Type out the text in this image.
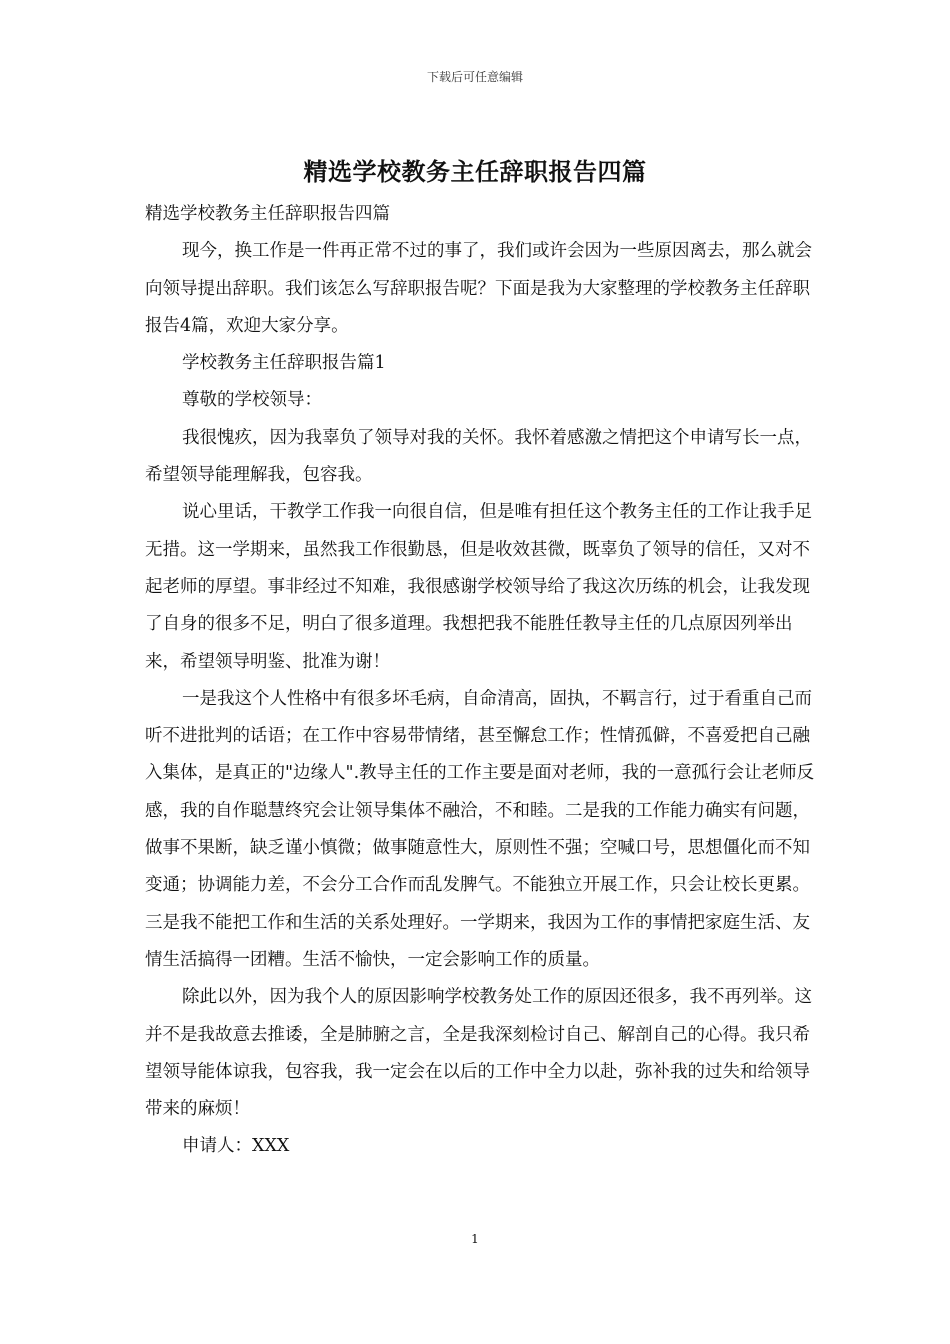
下载后可任意编辑
精选学校教务主任辞职报告四篇

精选学校教务主任辞职报告四篇

现今，换工作是一件再正常不过的事了，我们或许会因为一些原因离去，那么就会向领导提出辞职。我们该怎么写辞职报告呢？下面是我为大家整理的学校教务主任辞职报告4篇，欢迎大家分享。

学校教务主任辞职报告篇1

尊敬的学校领导：

我很愧疚，因为我辜负了领导对我的关怀。我怀着感激之情把这个申请写长一点，希望领导能理解我，包容我。

说心里话，干教学工作我一向很自信，但是唯有担任这个教务主任的工作让我手足无措。这一学期来，虽然我工作很勤恳，但是收效甚微，既辜负了领导的信任，又对不起老师的厚望。事非经过不知难，我很感谢学校领导给了我这次历练的机会，让我发现了自身的很多不足，明白了很多道理。我想把我不能胜任教导主任的几点原因列举出来，希望领导明鉴、批准为谢！

一是我这个人性格中有很多坏毛病，自命清高，固执，不羁言行，过于看重自己而听不进批判的话语；在工作中容易带情绪，甚至懈怠工作；性情孤僻，不喜爱把自己融入集体，是真正的"边缘人".教导主任的工作主要是面对老师，我的一意孤行会让老师反感，我的自作聪慧终究会让领导集体不融洽，不和睦。二是我的工作能力确实有问题，做事不果断，缺乏谨小慎微；做事随意性大，原则性不强；空喊口号，思想僵化而不知变通；协调能力差，不会分工合作而乱发脾气。不能独立开展工作，只会让校长更累。三是我不能把工作和生活的关系处理好。一学期来，我因为工作的事情把家庭生活、友情生活搞得一团糟。生活不愉快，一定会影响工作的质量。

除此以外，因为我个人的原因影响学校教务处工作的原因还很多，我不再列举。这并不是我故意去推诿，全是肺腑之言，全是我深刻检讨自己、解剖自己的心得。我只希望领导能体谅我，包容我，我一定会在以后的工作中全力以赴，弥补我的过失和给领导带来的麻烦！

申请人：XXX

1
